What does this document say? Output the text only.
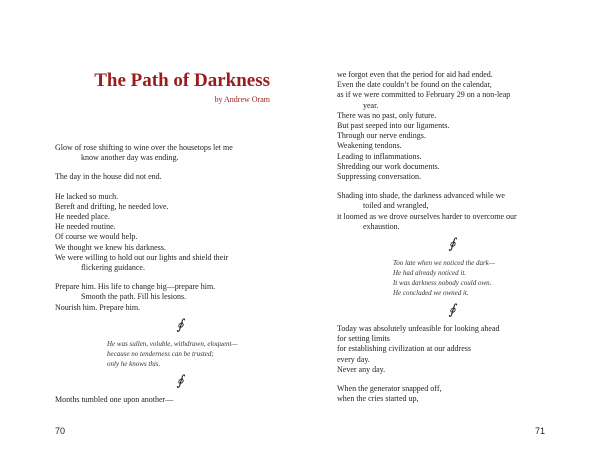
The Path of Darkness

by Andrew Oram

Glow of rose shifting to wine over the housetops let me
know another day was ending.
The day in the house did not end.
He lacked so much.
Bereft and drifting, he needed love.
He needed place.
He needed routine.
Of course we would help.
We thought we knew his darkness.
We were willing to hold out our lights and shield their
flickering guidance.
Prepare him. His life to change big—prepare him.
Smooth the path. Fill his lesions.
Nourish him. Prepare him.
∮
He was sullen, voluble, withdrawn, eloquent—
because no tenderness can be trusted;
only he knows this.
∮
Months tumbled one upon another—
70
we forgot even that the period for aid had ended.
Even the date couldn’t be found on the calendar,
as if we were committed to February 29 on a non-leap
year.
There was no past, only future.
But past seeped into our ligaments.
Through our nerve endings.
Weakening tendons.
Leading to inflammations.
Shredding our work documents.
Suppressing conversation.
Shading into shade, the darkness advanced while we
toiled and wrangled,
it loomed as we drove ourselves harder to overcome our
exhaustion.
∮
Too late when we noticed the dark—
He had already noticed it.
It was darkness nobody could own.
He concluded we owned it.
∮
Today was absolutely unfeasible for looking ahead
for setting limits
for establishing civilization at our address
every day.
Never any day.
When the generator snapped off,
when the cries started up,
71
